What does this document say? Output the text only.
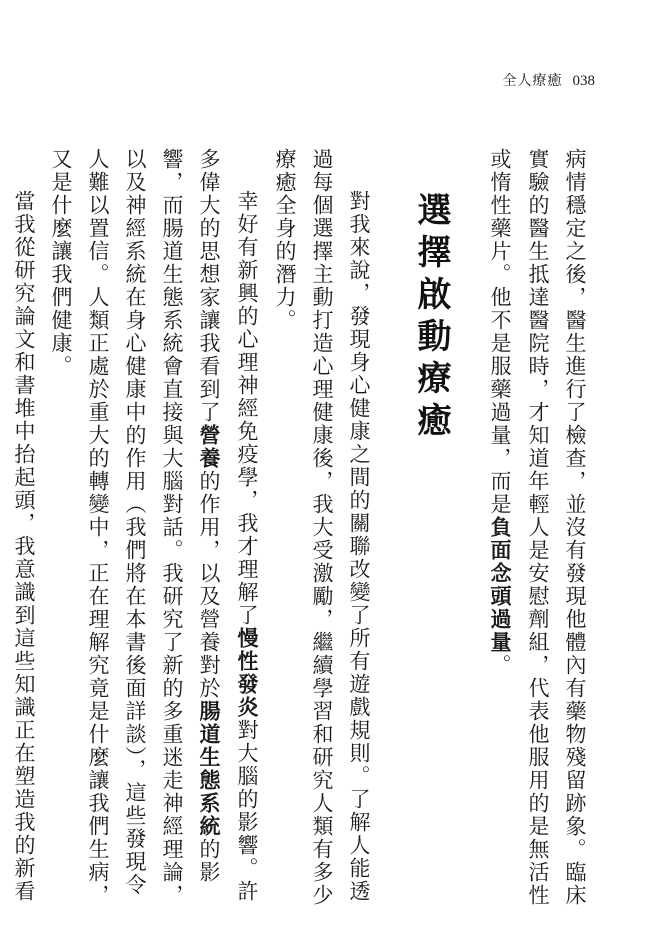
全人療癒 038

病情穩定之後，醫生進行了檢查，並沒有發現他體內有藥物殘留跡象。臨床實驗的醫生抵達醫院時，才知道年輕人是安慰劑組，代表他服用的是無活性或惰性藥片。他不是服藥過量，而是負面念頭過量。

選擇啟動療癒

對我來說，發現身心健康之間的關聯改變了所有遊戲規則。了解人能透過每個選擇主動打造心理健康後，我大受激勵，繼續學習和研究人類有多少療癒全身的潛力。

幸好有新興的心理神經免疫學，我才理解了慢性發炎對大腦的影響。許多偉大的思想家讓我看到了營養的作用，以及營養對於腸道生態系統的影響，而腸道生態系統會直接與大腦對話。我研究了新的多重迷走神經理論，以及神經系統在身心健康中的作用（我們將在本書後面詳談），這些發現令人難以置信。人類正處於重大的轉變中，正在理解究竟是什麼讓我們生病，又是什麼讓我們健康。

當我從研究論文和書堆中抬起頭，我意識到這些知識正在塑造我的新看
